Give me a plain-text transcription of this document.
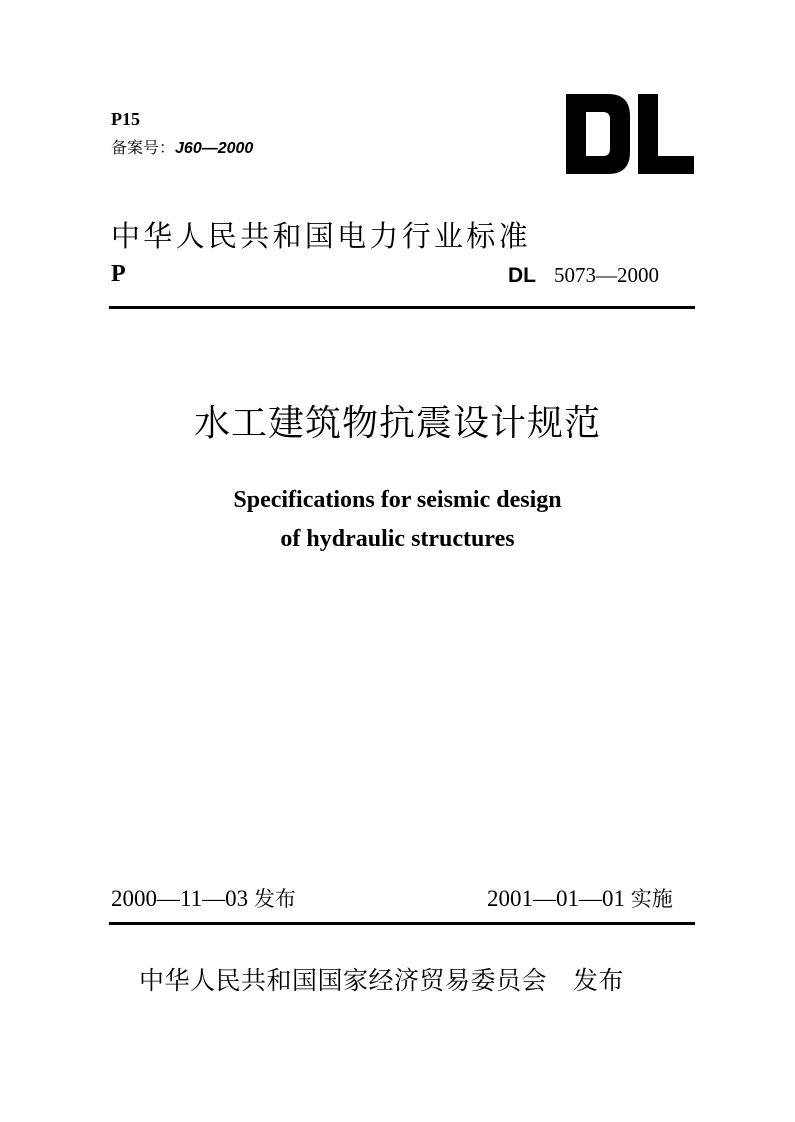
P15
备案号：J60—2000	DL
中华人民共和国电力行业标准
P	DL 5073—2000
水工建筑物抗震设计规范
Specifications for seismic design
of hydraulic structures
2000—11—03 发布	2001—01—01 实施
中华人民共和国国家经济贸易委员会 发布
